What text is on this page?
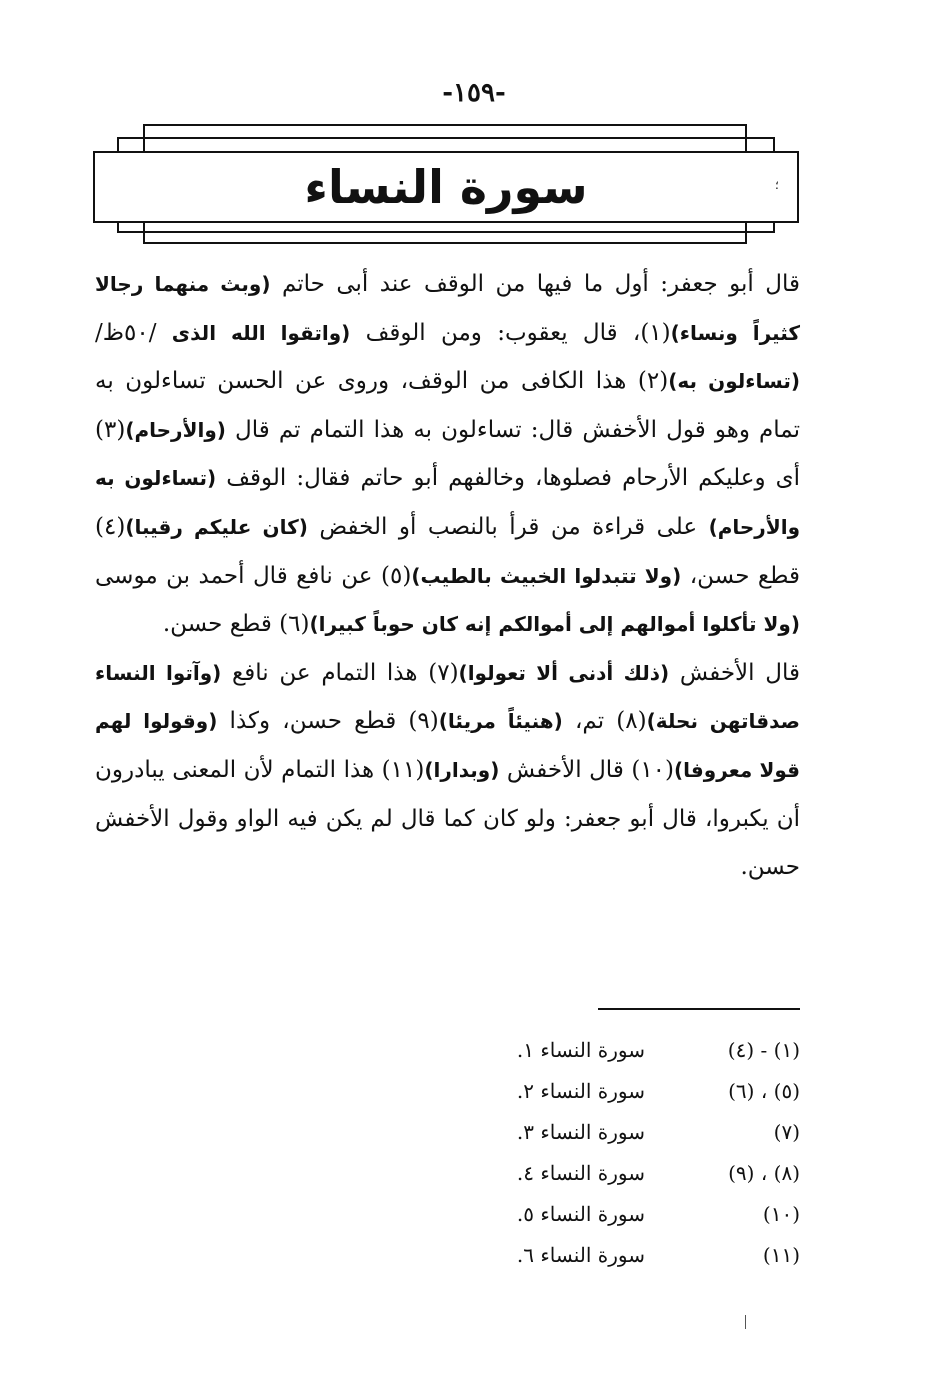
-١٥٩-
سورة النساء	؛

قال أبو جعفر: أول ما فيها من الوقف عند أبى حاتم (وبث منهما رجالا كثيراً ونساء)(١)، قال يعقوب: ومن الوقف (واتقوا الله الذى /٥٠ظ/ (تساءلون به)(٢) هذا الكافى من الوقف، وروى عن الحسن تساءلون به تمام وهو قول الأخفش قال: تساءلون به هذا التمام تم قال (والأرحام)(٣) أى وعليكم الأرحام فصلوها، وخالفهم أبو حاتم فقال: الوقف (تساءلون به والأرحام) على قراءة من قرأ بالنصب أو الخفض (كان عليكم رقيبا)(٤) قطع حسن، (ولا تتبدلوا الخبيث بالطيب)(٥) عن نافع قال أحمد بن موسى (ولا تأكلوا أموالهم إلى أموالكم إنه كان حوباً كبيرا)(٦) قطع حسن.

قال الأخفش (ذلك أدنى ألا تعولوا)(٧) هذا التمام عن نافع (وآتوا النساء صدقاتهن نحلة)(٨) تم، (هنيئاً مريئا)(٩) قطع حسن، وكذا (وقولوا لهم قولا معروفا)(١٠) قال الأخفش (وبدارا)(١١) هذا التمام لأن المعنى يبادرون أن يكبروا، قال أبو جعفر: ولو كان كما قال لم يكن فيه الواو وقول الأخفش حسن.

(١) - (٤)
سورة النساء ١.
(٥) ، (٦)
سورة النساء ٢.
(٧)
سورة النساء ٣.
(٨) ، (٩)
سورة النساء ٤.
(١٠)
سورة النساء ٥.
(١١)
سورة النساء ٦.
